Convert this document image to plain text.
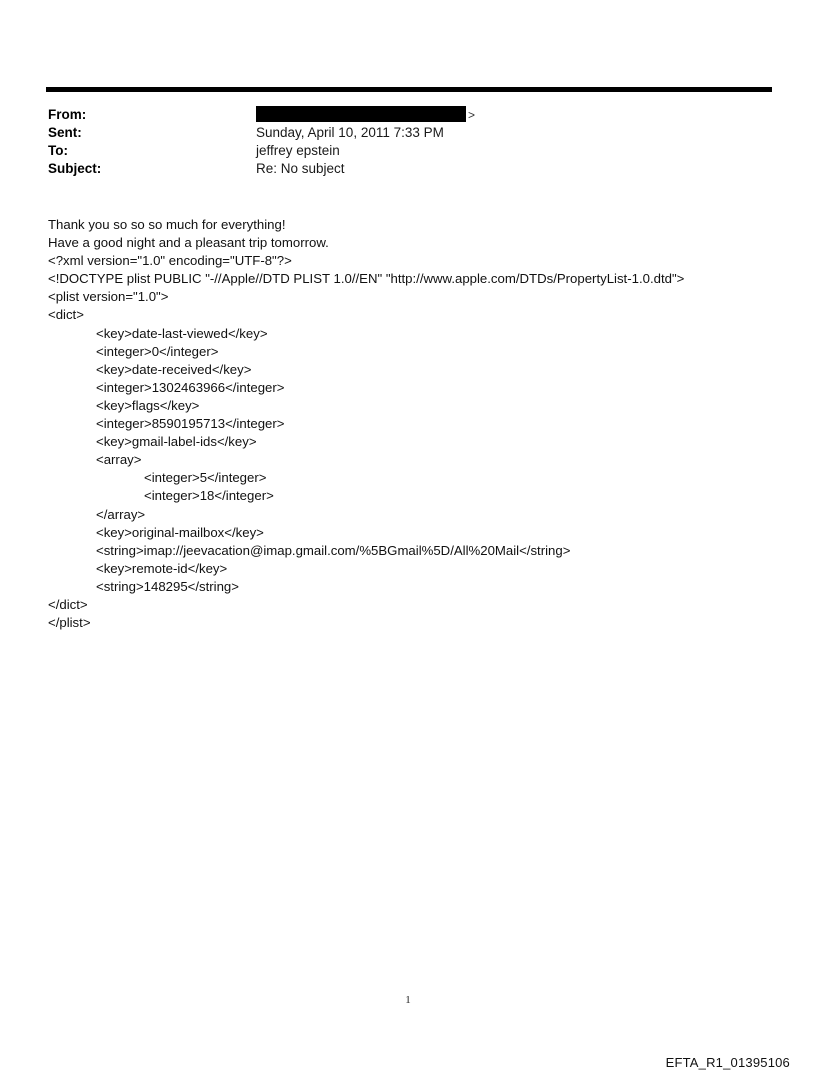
From:	>
Sent:	Sunday, April 10, 2011 7:33 PM
To:	jeffrey epstein
Subject:	Re: No subject
Thank you so so so much for everything!
Have a good night and a pleasant trip tomorrow.
<?xml version="1.0" encoding="UTF-8"?>
<!DOCTYPE plist PUBLIC "-//Apple//DTD PLIST 1.0//EN" "http://www.apple.com/DTDs/PropertyList-1.0.dtd">
<plist version="1.0">
<dict>
<key>date-last-viewed</key>
<integer>0</integer>
<key>date-received</key>
<integer>1302463966</integer>
<key>flags</key>
<integer>8590195713</integer>
<key>gmail-label-ids</key>
<array>
<integer>5</integer>
<integer>18</integer>
</array>
<key>original-mailbox</key>
<string>imap://jeevacation@imap.gmail.com/%5BGmail%5D/All%20Mail</string>
<key>remote-id</key>
<string>148295</string>
</dict>
</plist>
1
EFTA_R1_01395106
